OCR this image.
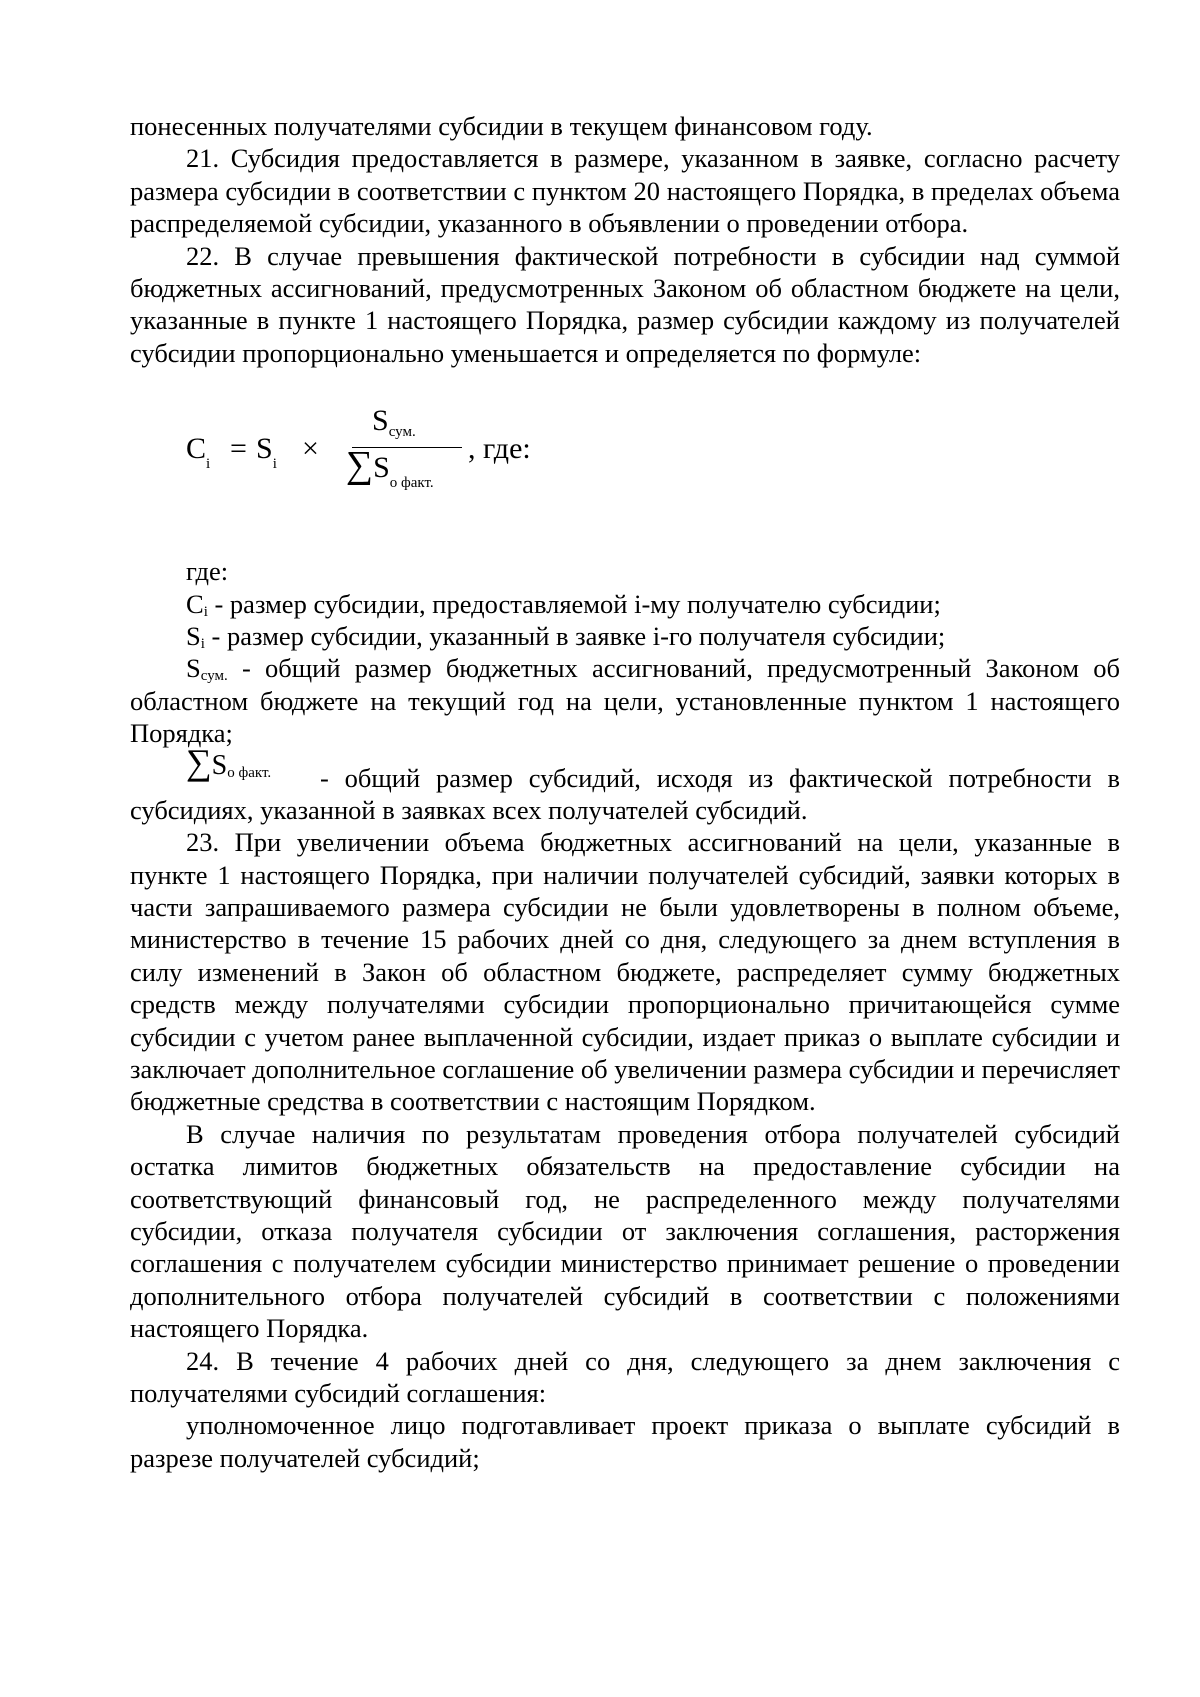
понесенных получателями субсидии в текущем финансовом году.

21. Субсидия предоставляется в размере, указанном в заявке, согласно расчету размера субсидии в соответствии с пунктом 20 настоящего Порядка, в пределах объема распределяемой субсидии, указанного в объявлении о проведении отбора.

22. В случае превышения фактической потребности в субсидии над суммой бюджетных ассигнований, предусмотренных Законом об областном бюджете на цели, указанные в пункте 1 настоящего Порядка, размер субсидии каждому из получателей субсидии пропорционально уменьшается и определяется по формуле:

$C_i = S_i$ ×
$S_{сум.}$
$\sum S_{о факт.}$
, где:

где:

$C_i$ - размер субсидии, предоставляемой i-му получателю субсидии;

$S_i$ - размер субсидии, указанный в заявке i-го получателя субсидии;

$S_{сум.}$ - общий размер бюджетных ассигнований, предусмотренный Законом об областном бюджете на текущий год на цели, установленные пунктом 1 настоящего Порядка;

$\sum S_{о факт.}$ - общий размер субсидий, исходя из фактической потребности в

субсидиях, указанной в заявках всех получателей субсидий.

23. При увеличении объема бюджетных ассигнований на цели, указанные в пункте 1 настоящего Порядка, при наличии получателей субсидий, заявки которых в части запрашиваемого размера субсидии не были удовлетворены в полном объеме, министерство в течение 15 рабочих дней со дня, следующего за днем вступления в силу изменений в Закон об областном бюджете, распределяет сумму бюджетных средств между получателями субсидии пропорционально причитающейся сумме субсидии с учетом ранее выплаченной субсидии, издает приказ о выплате субсидии и заключает дополнительное соглашение об увеличении размера субсидии и перечисляет бюджетные средства в соответствии с настоящим Порядком.

В случае наличия по результатам проведения отбора получателей субсидий остатка лимитов бюджетных обязательств на предоставление субсидии на соответствующий финансовый год, не распределенного между получателями субсидии, отказа получателя субсидии от заключения соглашения, расторжения соглашения с получателем субсидии министерство принимает решение о проведении дополнительного отбора получателей субсидий в соответствии с положениями настоящего Порядка.

24. В течение 4 рабочих дней со дня, следующего за днем заключения с получателями субсидий соглашения:

уполномоченное лицо подготавливает проект приказа о выплате субсидий в разрезе получателей субсидий;
